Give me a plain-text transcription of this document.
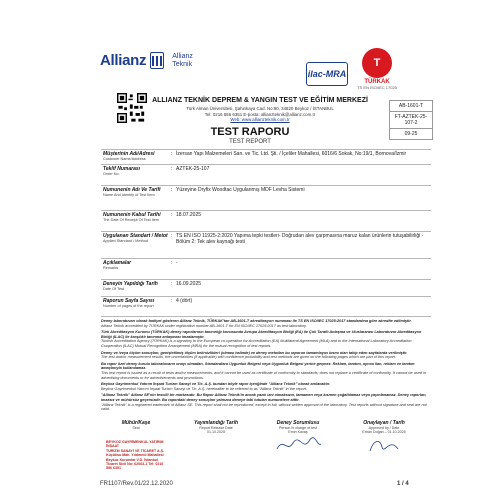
Allianz	Allianz
Teknik
ilac-MRA
T
TÜRKAK
TS EN ISO/IEC 17025
ALLIANZ TEKNİK DEPREM & YANGIN TEST VE EĞİTİM MERKEZİ
Türk Alman Üniversitesi, Şahinkaya Cad. No:90, 34820 Beykoz / İSTANBUL
Tel: 0216 556 6351 E-posta: allianzteknik@allianz.com.tr
Web: www.allianzteknik.com.tr
AB-1601-T
FT-AZTEK-25-107-2
09-25
TEST RAPORU
TEST REPORT
Müşterinin Adı/Adresi
Customer Name/Address
: İzersan Yapı Malzemeleri San. ve Tic. Ltd. Şti. / İçeliler Mahallesi, 6016/6 Sokak, No:19/1, Bornova/İzmir
Teklif Numarası
Order No.
: AZTEK-25-107
Numunenin Adı Ve Tarifi
Name And Identity of Test Item
: Yüzeyine Dryfix Woodtac Uygulanmış MDF Levha Sistemi
Numunenin Kabul Tarihi
The Date Of Receipt Of Test Item
: 18.07.2025
Uygulanan Standart / Metot
Applied Standard / Method
: TS EN ISO 11925-2:2020 Yapıma tepki testleri- Doğrudan alev çarpmasına maruz kalan ürünlerin tutuşabilirliği - Bölüm 2: Tek alev kaynağı testi
Açıklamalar
Remarks
: -
Deneyin Yapıldığı Tarih
Date Of Test
: 16.09.2025
Raporun Sayfa Sayısı
Number of pages of the report
: 4 (dört)

Deney laboratuvarı olarak faaliyet gösteren Allianz Teknik, TÜRKAK'tan AB-1601-T akreditasyon numarası ile TS EN ISO/IEC 17025:2017 standardına göre akredite edilmiştir.
Allianz Teknik accredited by TÜRKAK under registration number AB-1601-T for EN ISO/IEC 17025:2017 as test laboratory.

Türk Akreditasyon Kurumu (TÜRKAK) deney raporlarının tanınırlığı konusunda Avrupa Akreditasyon Birliği (EA) ile Çok Taraflı Anlaşma ve Uluslararası Laboratuvar Akreditasyon Birliği (ILAC) ile karşılıklı tanınma anlaşması imzalamıştır.
Turkish Accreditation Agency (TÜRKAK) is a signatory to the European co-operation for Accreditation (EA) Multilateral Agreement (MLA) and to the International Laboratory Accreditation Cooperation (ILAC) Mutual Recognition Arrangement (MRA) for the mutual recognition of test reports.

Deney ve /veya ölçüm sonuçları, genişletilmiş ölçüm belirsizlikleri (olması halinde) ve deney metotları bu raporun tamamlayıcı kısmı olan takip eden sayfalarda verilmiştir.
The test and/or measurement results, the uncertainties (if applicable) with confidence probability and test methods are given on the following pages which are part of this report.

Bu rapor özel deney kurulu laboratuvarın onayı olmadan, Standardlara Uygunluk Belgesi veya Uygunluk Belgesi yerine geçmez. Reklam, tanıtım, ayrıca ilan, reklam ve tanıtım amaçlarıyla kullanılamaz.
This test report is issued as a result of tests and/or measurements, and it cannot be used as certificate of conformity to standards; does not replace a certificate of conformity. It cannot be used in advertising documents or for advertisements and promotions.

Beykoz Gayrimenkul Yatırım İnşaat Turizm Sanayi ve Tic. A.Ş. bundan böyle rapor içeriğinde "Allianz Teknik" olarak anılacaktır.
Beykoz Gayrimenkul Yatırım İnşaat Turizm Sanayi ve Tic. A.Ş. hereinafter to be referred to as "Allianz Teknik" in the report.

"Allianz Teknik" Allianz SE'nin tescilli bir markasıdır. Bu Rapor Allianz Teknik'in ancak yazılı izni olmaksızın, tamamen veya kısmen çoğaltılamaz veya yayınlanamaz. Deney raporları, imzasız ve mühürsüz geçersizdir. Bu rapordaki deney sonuçları yalnızca deneye tabi tutulan numunelere aittir.
"Allianz Teknik" is a registered trademark of Allianz SE. This report shall not be reproduced, except in full, without written approval of the laboratory. Test reports without signature and seal are not valid.

Mühür/Kaşe
Seal
Yayımlandığı Tarih
Report Release Date
01.10.2025
Deney Sorumlusu
Person in charge of test
Emin Kavaş
Onaylayan / Tarih
Approved by / Date
Erhan Doğan – 01.10.2025
BEYKOZ GAYRİMENKUL YATIRIM İNŞAAT
TURİZM SANAYİ VE TİCARET A.Ş.
Küçüksu Mah. Yıldırımlı Mahallesi
Beykoz Kurumlar V.D. İstanbul
Ticaret Sicil No: 62063-1 Tel: 0216 556 6351
FR1107/Rev.01/22.12.2020	1 / 4
